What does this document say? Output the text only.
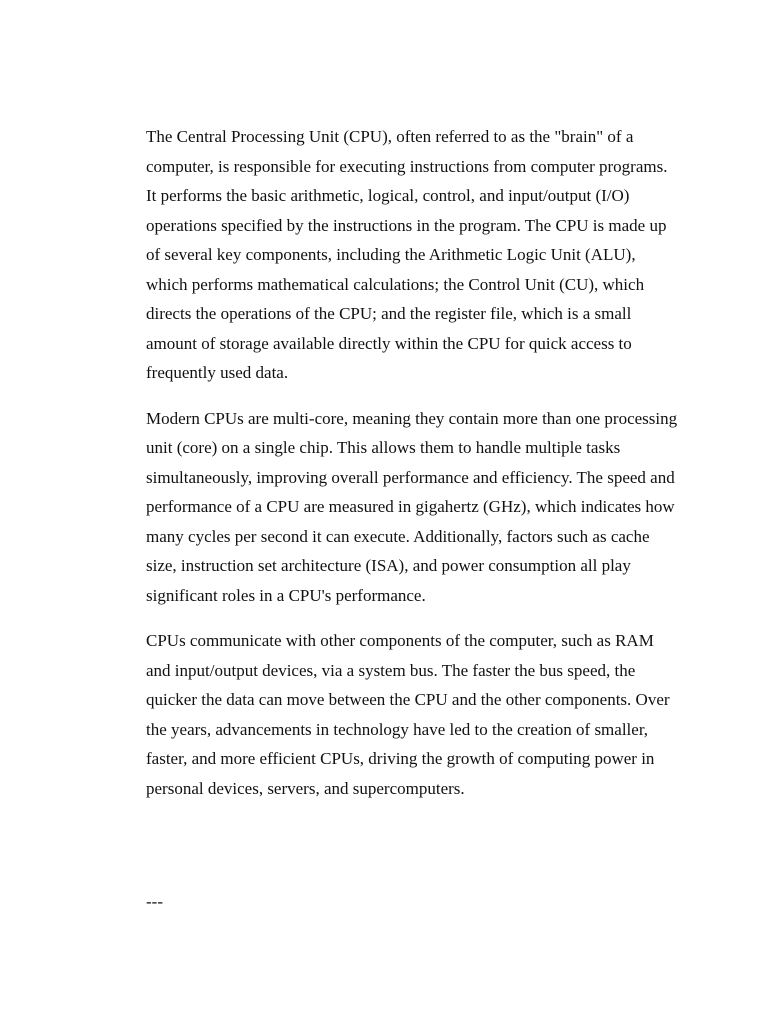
The Central Processing Unit (CPU), often referred to as the "brain" of a computer, is responsible for executing instructions from computer programs. It performs the basic arithmetic, logical, control, and input/output (I/O) operations specified by the instructions in the program. The CPU is made up of several key components, including the Arithmetic Logic Unit (ALU), which performs mathematical calculations; the Control Unit (CU), which directs the operations of the CPU; and the register file, which is a small amount of storage available directly within the CPU for quick access to frequently used data.

Modern CPUs are multi-core, meaning they contain more than one processing unit (core) on a single chip. This allows them to handle multiple tasks simultaneously, improving overall performance and efficiency. The speed and performance of a CPU are measured in gigahertz (GHz), which indicates how many cycles per second it can execute. Additionally, factors such as cache size, instruction set architecture (ISA), and power consumption all play significant roles in a CPU's performance.

CPUs communicate with other components of the computer, such as RAM and input/output devices, via a system bus. The faster the bus speed, the quicker the data can move between the CPU and the other components. Over the years, advancements in technology have led to the creation of smaller, faster, and more efficient CPUs, driving the growth of computing power in personal devices, servers, and supercomputers.

---
